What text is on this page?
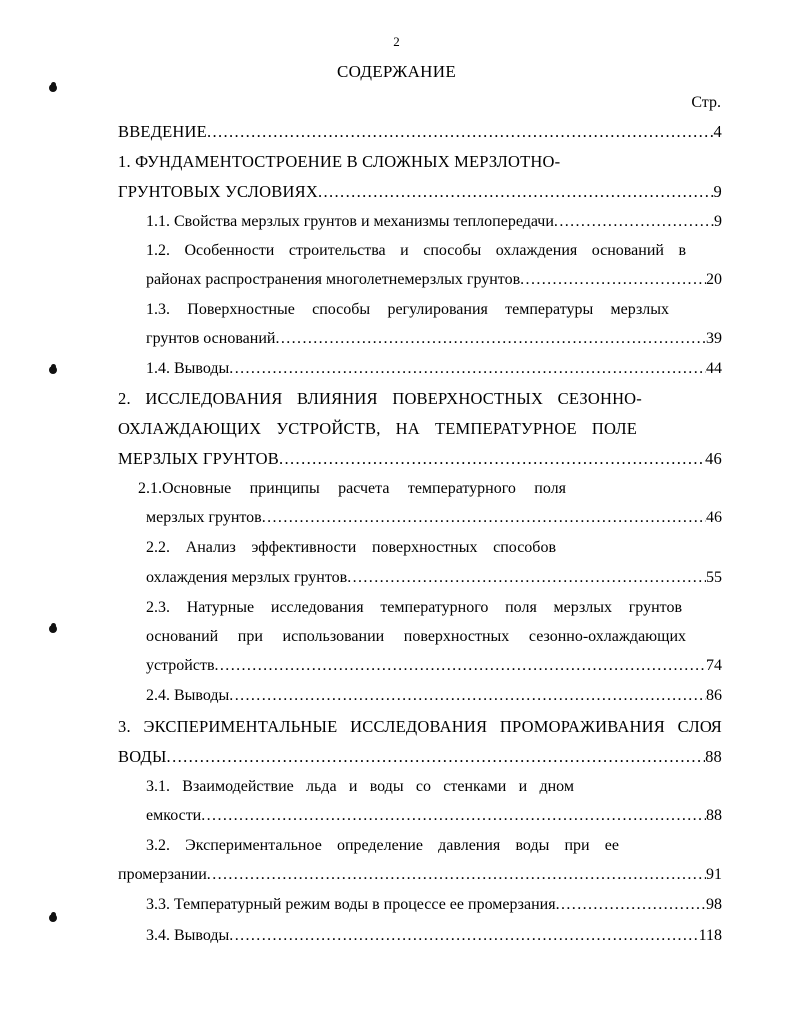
2
СОДЕРЖАНИЕ
Стр.
ВВЕДЕНИЕ .....	4
1. ФУНДАМЕНТОСТРОЕНИЕ В СЛОЖНЫХ МЕРЗЛОТНО-
ГРУНТОВЫХ УСЛОВИЯХ .....	9
1.1. Свойства мерзлых грунтов и механизмы теплопередачи .....	9
1.2. Особенности строительства и способы охлаждения оснований в
районах распространения многолетнемерзлых грунтов .....	20
1.3. Поверхностные способы регулирования температуры мерзлых
грунтов оснований .....	39
1.4. Выводы .....	44
2. ИССЛЕДОВАНИЯ ВЛИЯНИЯ ПОВЕРХНОСТНЫХ СЕЗОННО-
ОХЛАЖДАЮЩИХ УСТРОЙСТВ, НА ТЕМПЕРАТУРНОЕ ПОЛЕ
МЕРЗЛЫХ ГРУНТОВ .....	46
2.1.Основные принципы расчета температурного поля
мерзлых грунтов .....	46
2.2. Анализ эффективности поверхностных способов
охлаждения мерзлых грунтов .....	55
2.3. Натурные исследования температурного поля мерзлых грунтов
оснований при использовании поверхностных сезонно-охлаждающих
устройств .....	74
2.4. Выводы .....	86
3. ЭКСПЕРИМЕНТАЛЬНЫЕ ИССЛЕДОВАНИЯ ПРОМОРАЖИВАНИЯ СЛОЯ
ВОДЫ .....	88
3.1. Взаимодействие льда и воды со стенками и дном
емкости .....	88
3.2. Экспериментальное определение давления воды при ее
промерзании .....	91
3.3. Температурный режим воды в процессе ее промерзания .....	98
3.4. Выводы .....	118
